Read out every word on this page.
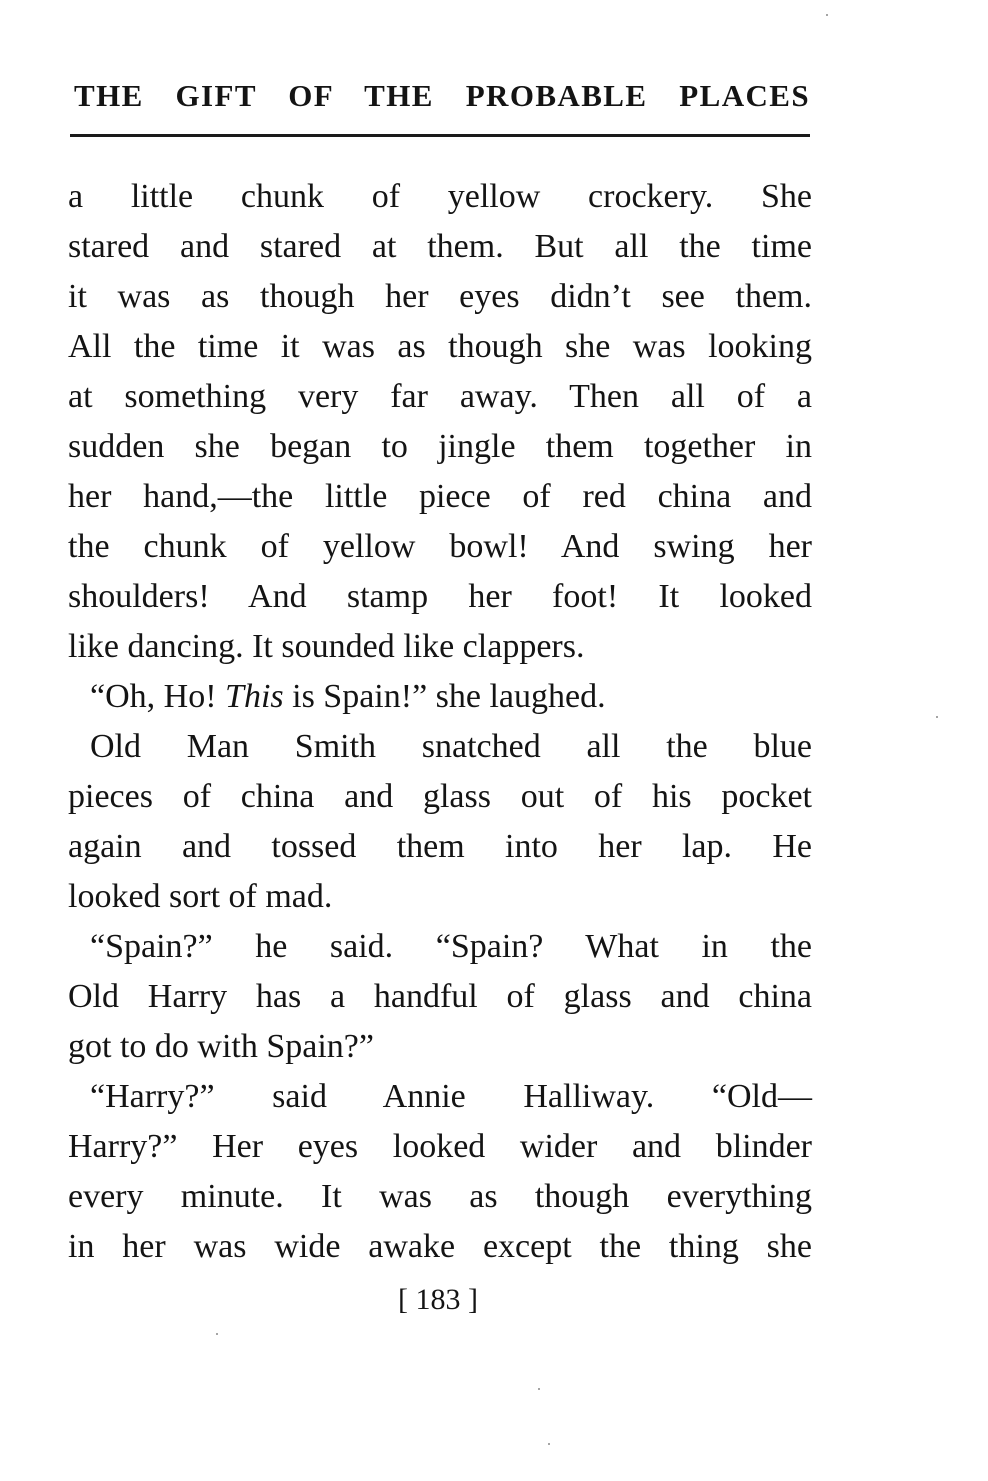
THE GIFT OF THE PROBABLE PLACES
a little chunk of yellow crockery. She
stared and stared at them. But all the time
it was as though her eyes didn’t see them.
All the time it was as though she was looking
at something very far away. Then all of a
sudden she began to jingle them together in
her hand,—the little piece of red china and
the chunk of yellow bowl! And swing her
shoulders! And stamp her foot! It looked
like dancing. It sounded like clappers.
“Oh, Ho! This is Spain!” she laughed.
Old Man Smith snatched all the blue
pieces of china and glass out of his pocket
again and tossed them into her lap. He
looked sort of mad.
“Spain?” he said. “Spain? What in the
Old Harry has a handful of glass and china
got to do with Spain?”
“Harry?” said Annie Halliway. “Old—
Harry?” Her eyes looked wider and blinder
every minute. It was as though everything
in her was wide awake except the thing she
[ 183 ]
